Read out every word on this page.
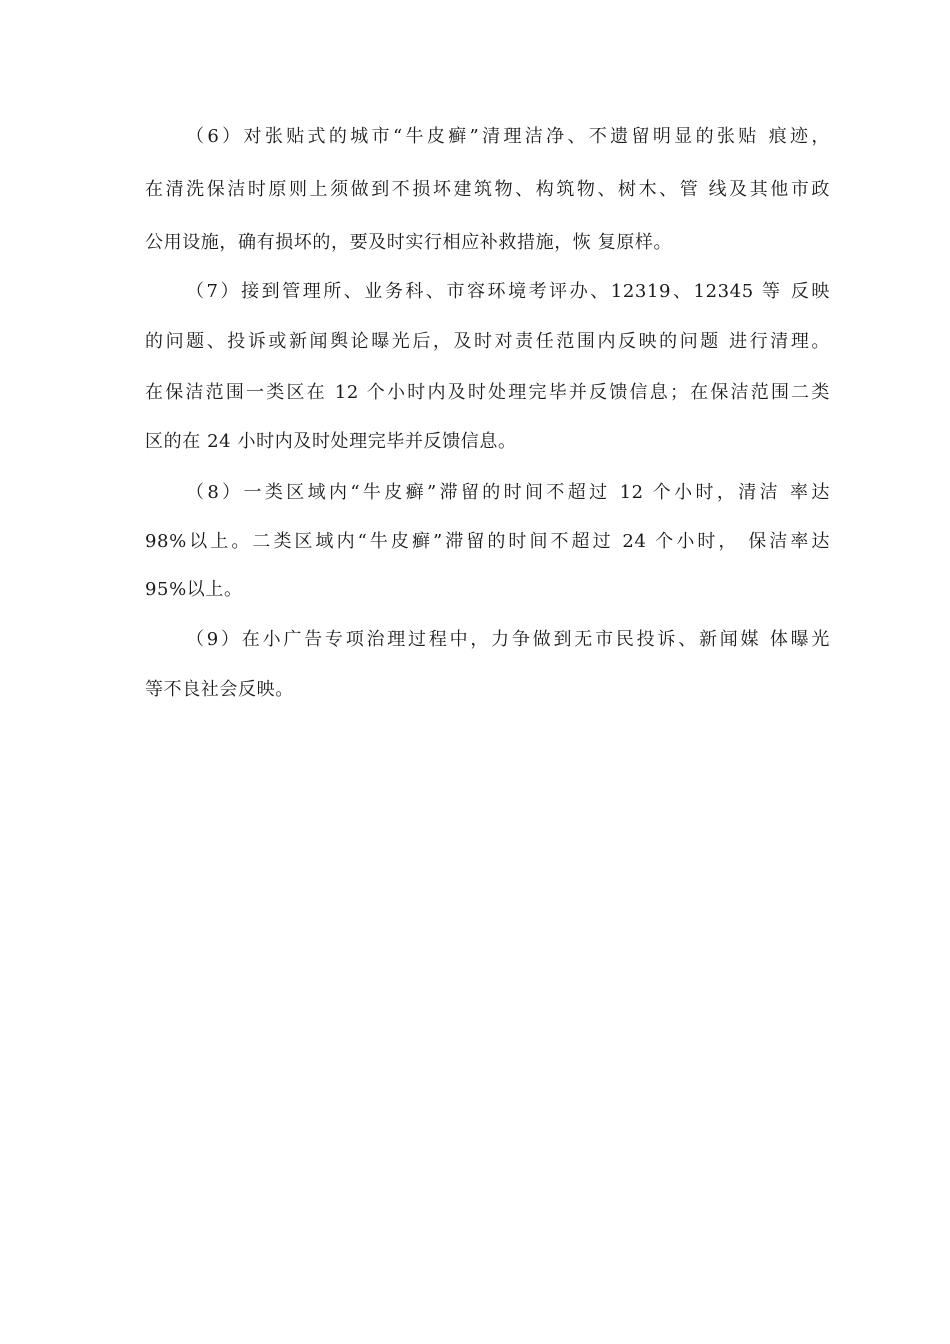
（6）对张贴式的城市“牛皮癣”清理洁净、不遗留明显的张贴 痕迹，
在清洗保洁时原则上须做到不损坏建筑物、构筑物、树木、管 线及其他市政
公用设施，确有损坏的，要及时实行相应补救措施，恢 复原样。
（7）接到管理所、业务科、市容环境考评办、12319、12345 等 反映
的问题、投诉或新闻舆论曝光后，及时对责任范围内反映的问题 进行清理。
在保洁范围一类区在 12 个小时内及时处理完毕并反馈信息；在保洁范围二类
区的在 24 小时内及时处理完毕并反馈信息。
（8）一类区域内“牛皮癣”滞留的时间不超过 12 个小时，清洁 率达
98%以上。二类区域内“牛皮癣”滞留的时间不超过 24 个小时， 保洁率达
95%以上。
（9）在小广告专项治理过程中，力争做到无市民投诉、新闻媒 体曝光
等不良社会反映。
